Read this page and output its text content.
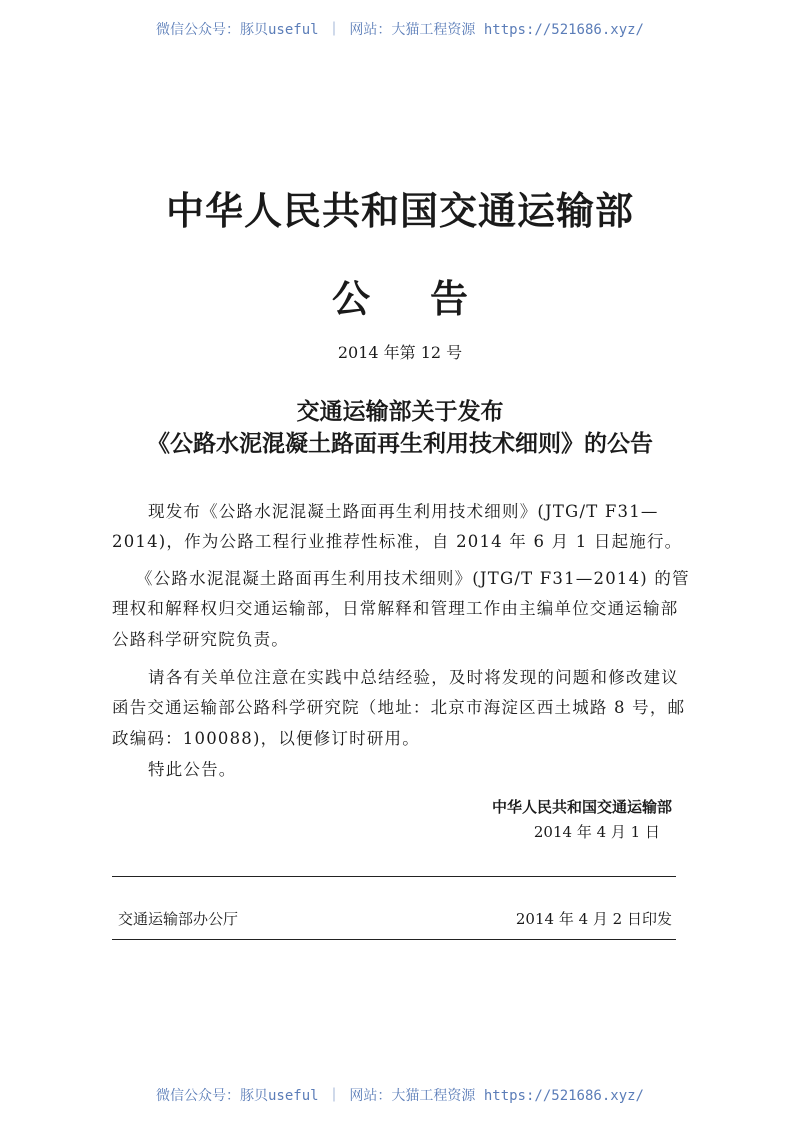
微信公众号：豚贝useful ｜ 网站：大猫工程资源 https://521686.xyz/
中华人民共和国交通运输部
公告
2014 年第 12 号
交通运输部关于发布
《公路水泥混凝土路面再生利用技术细则》的公告
现发布《公路水泥混凝土路面再生利用技术细则》(JTG/T F31—
2014)，作为公路工程行业推荐性标准，自 2014 年 6 月 1 日起施行。
《公路水泥混凝土路面再生利用技术细则》(JTG/T F31—2014) 的管
理权和解释权归交通运输部，日常解释和管理工作由主编单位交通运输部
公路科学研究院负责。
请各有关单位注意在实践中总结经验，及时将发现的问题和修改建议
函告交通运输部公路科学研究院（地址：北京市海淀区西土城路 8 号，邮
政编码：100088)，以便修订时研用。
特此公告。
中华人民共和国交通运输部
2014 年 4 月 1 日
交通运输部办公厅	2014 年 4 月 2 日印发
微信公众号：豚贝useful ｜ 网站：大猫工程资源 https://521686.xyz/
